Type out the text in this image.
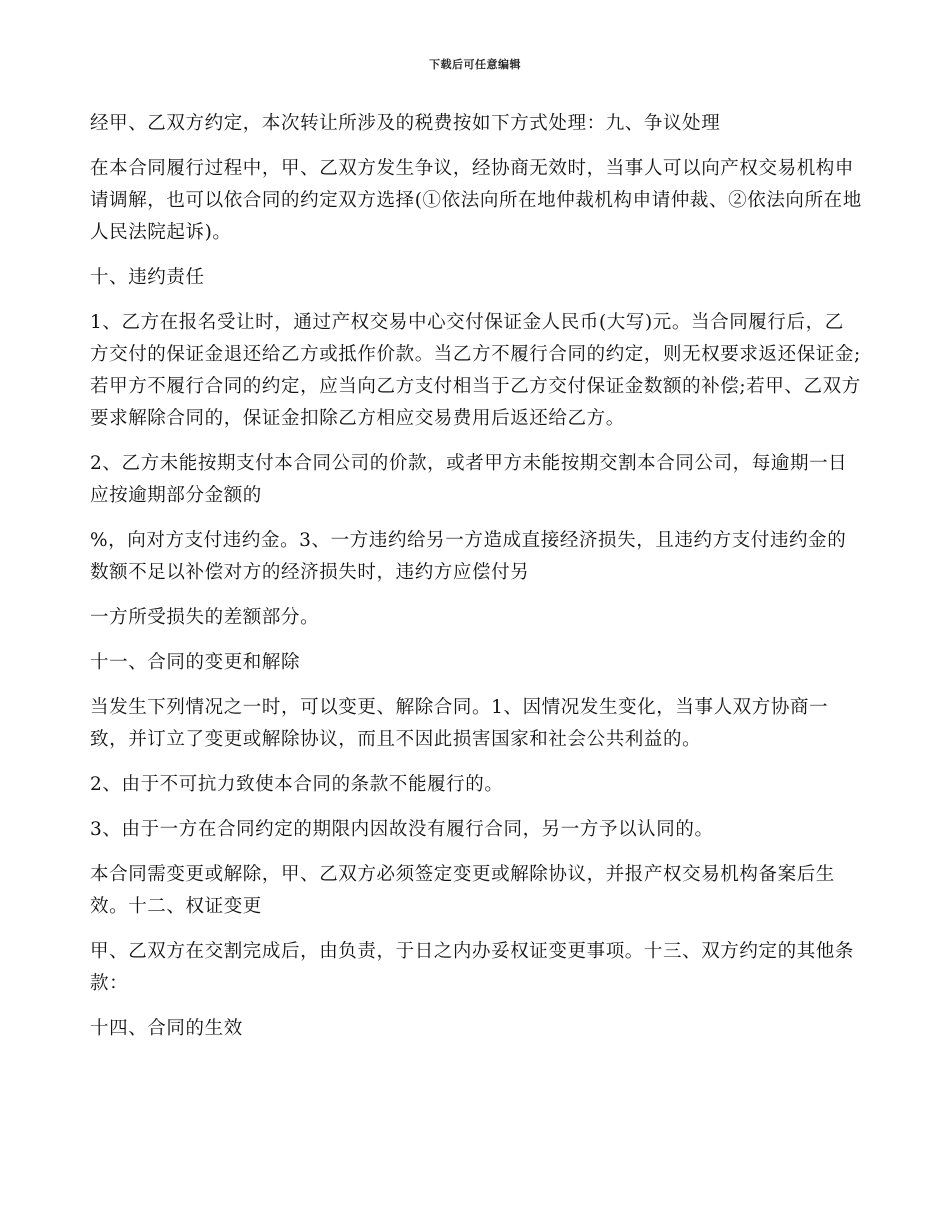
下载后可任意编辑

经甲、乙双方约定，本次转让所涉及的税费按如下方式处理：九、争议处理

在本合同履行过程中，甲、乙双方发生争议，经协商无效时，当事人可以向产权交易机构申请调解，也可以依合同的约定双方选择(①依法向所在地仲裁机构申请仲裁、②依法向所在地人民法院起诉)。

十、违约责任

1、乙方在报名受让时，通过产权交易中心交付保证金人民币(大写)元。当合同履行后，乙方交付的保证金退还给乙方或抵作价款。当乙方不履行合同的约定，则无权要求返还保证金;若甲方不履行合同的约定，应当向乙方支付相当于乙方交付保证金数额的补偿;若甲、乙双方要求解除合同的，保证金扣除乙方相应交易费用后返还给乙方。

2、乙方未能按期支付本合同公司的价款，或者甲方未能按期交割本合同公司，每逾期一日应按逾期部分金额的

%，向对方支付违约金。3、一方违约给另一方造成直接经济损失，且违约方支付违约金的数额不足以补偿对方的经济损失时，违约方应偿付另

一方所受损失的差额部分。

十一、合同的变更和解除

当发生下列情况之一时，可以变更、解除合同。1、因情况发生变化，当事人双方协商一致，并订立了变更或解除协议，而且不因此损害国家和社会公共利益的。

2、由于不可抗力致使本合同的条款不能履行的。

3、由于一方在合同约定的期限内因故没有履行合同，另一方予以认同的。

本合同需变更或解除，甲、乙双方必须签定变更或解除协议，并报产权交易机构备案后生效。十二、权证变更

甲、乙双方在交割完成后，由负责，于日之内办妥权证变更事项。十三、双方约定的其他条款：

十四、合同的生效
